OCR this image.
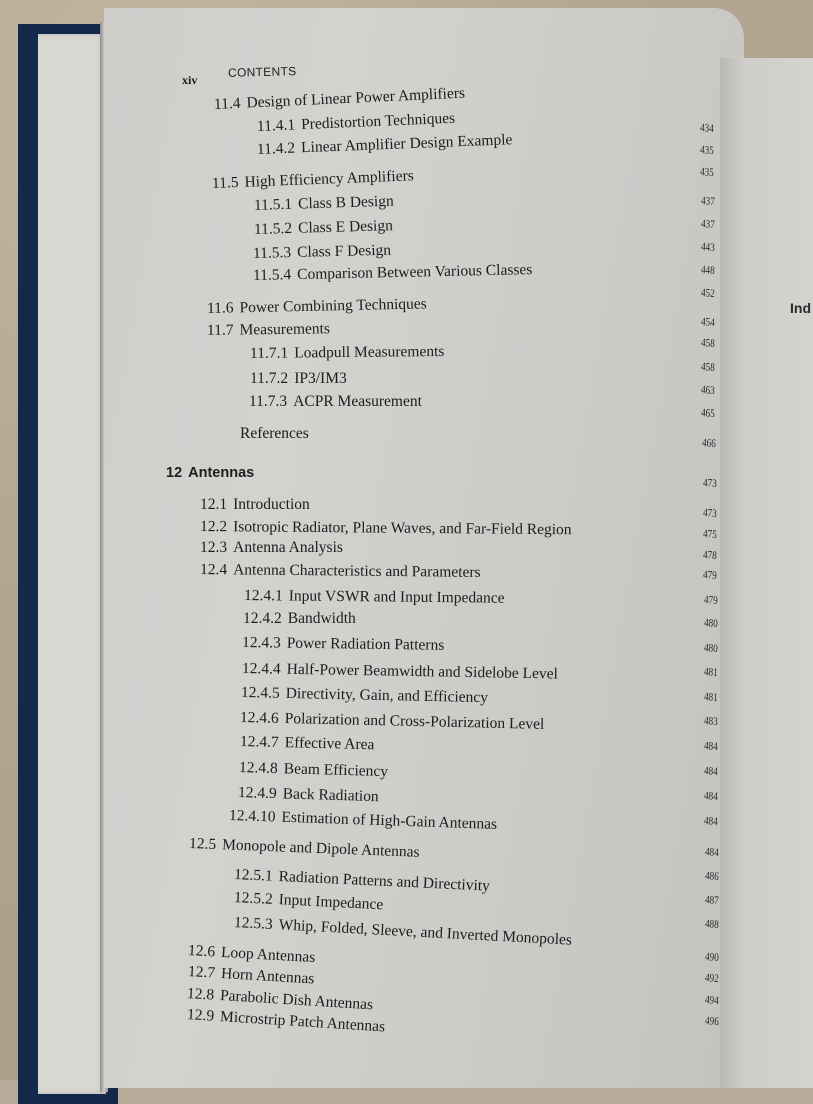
Ind
xiv
CONTENTS
11.4 Design of Linear Power Amplifiers
11.4.1 Predistortion Techniques
11.4.2 Linear Amplifier Design Example
11.5 High Efficiency Amplifiers
11.5.1 Class B Design
11.5.2 Class E Design
11.5.3 Class F Design
11.5.4 Comparison Between Various Classes
11.6 Power Combining Techniques
11.7 Measurements
11.7.1 Loadpull Measurements
11.7.2 IP3/IM3
11.7.3 ACPR Measurement
References
12 Antennas
12.1 Introduction
12.2 Isotropic Radiator, Plane Waves, and Far-Field Region
12.3 Antenna Analysis
12.4 Antenna Characteristics and Parameters
12.4.1 Input VSWR and Input Impedance
12.4.2 Bandwidth
12.4.3 Power Radiation Patterns
12.4.4 Half-Power Beamwidth and Sidelobe Level
12.4.5 Directivity, Gain, and Efficiency
12.4.6 Polarization and Cross-Polarization Level
12.4.7 Effective Area
12.4.8 Beam Efficiency
12.4.9 Back Radiation
12.4.10 Estimation of High-Gain Antennas
12.5 Monopole and Dipole Antennas
12.5.1 Radiation Patterns and Directivity
12.5.2 Input Impedance
12.5.3 Whip, Folded, Sleeve, and Inverted Monopoles
12.6 Loop Antennas
12.7 Horn Antennas
12.8 Parabolic Dish Antennas
12.9 Microstrip Patch Antennas
434
435
435
437
437
443
448
452
454
458
458
463
465
466
473
473
475
478
479
479
480
480
481
481
483
484
484
484
484
484
486
487
488
490
492
494
496
